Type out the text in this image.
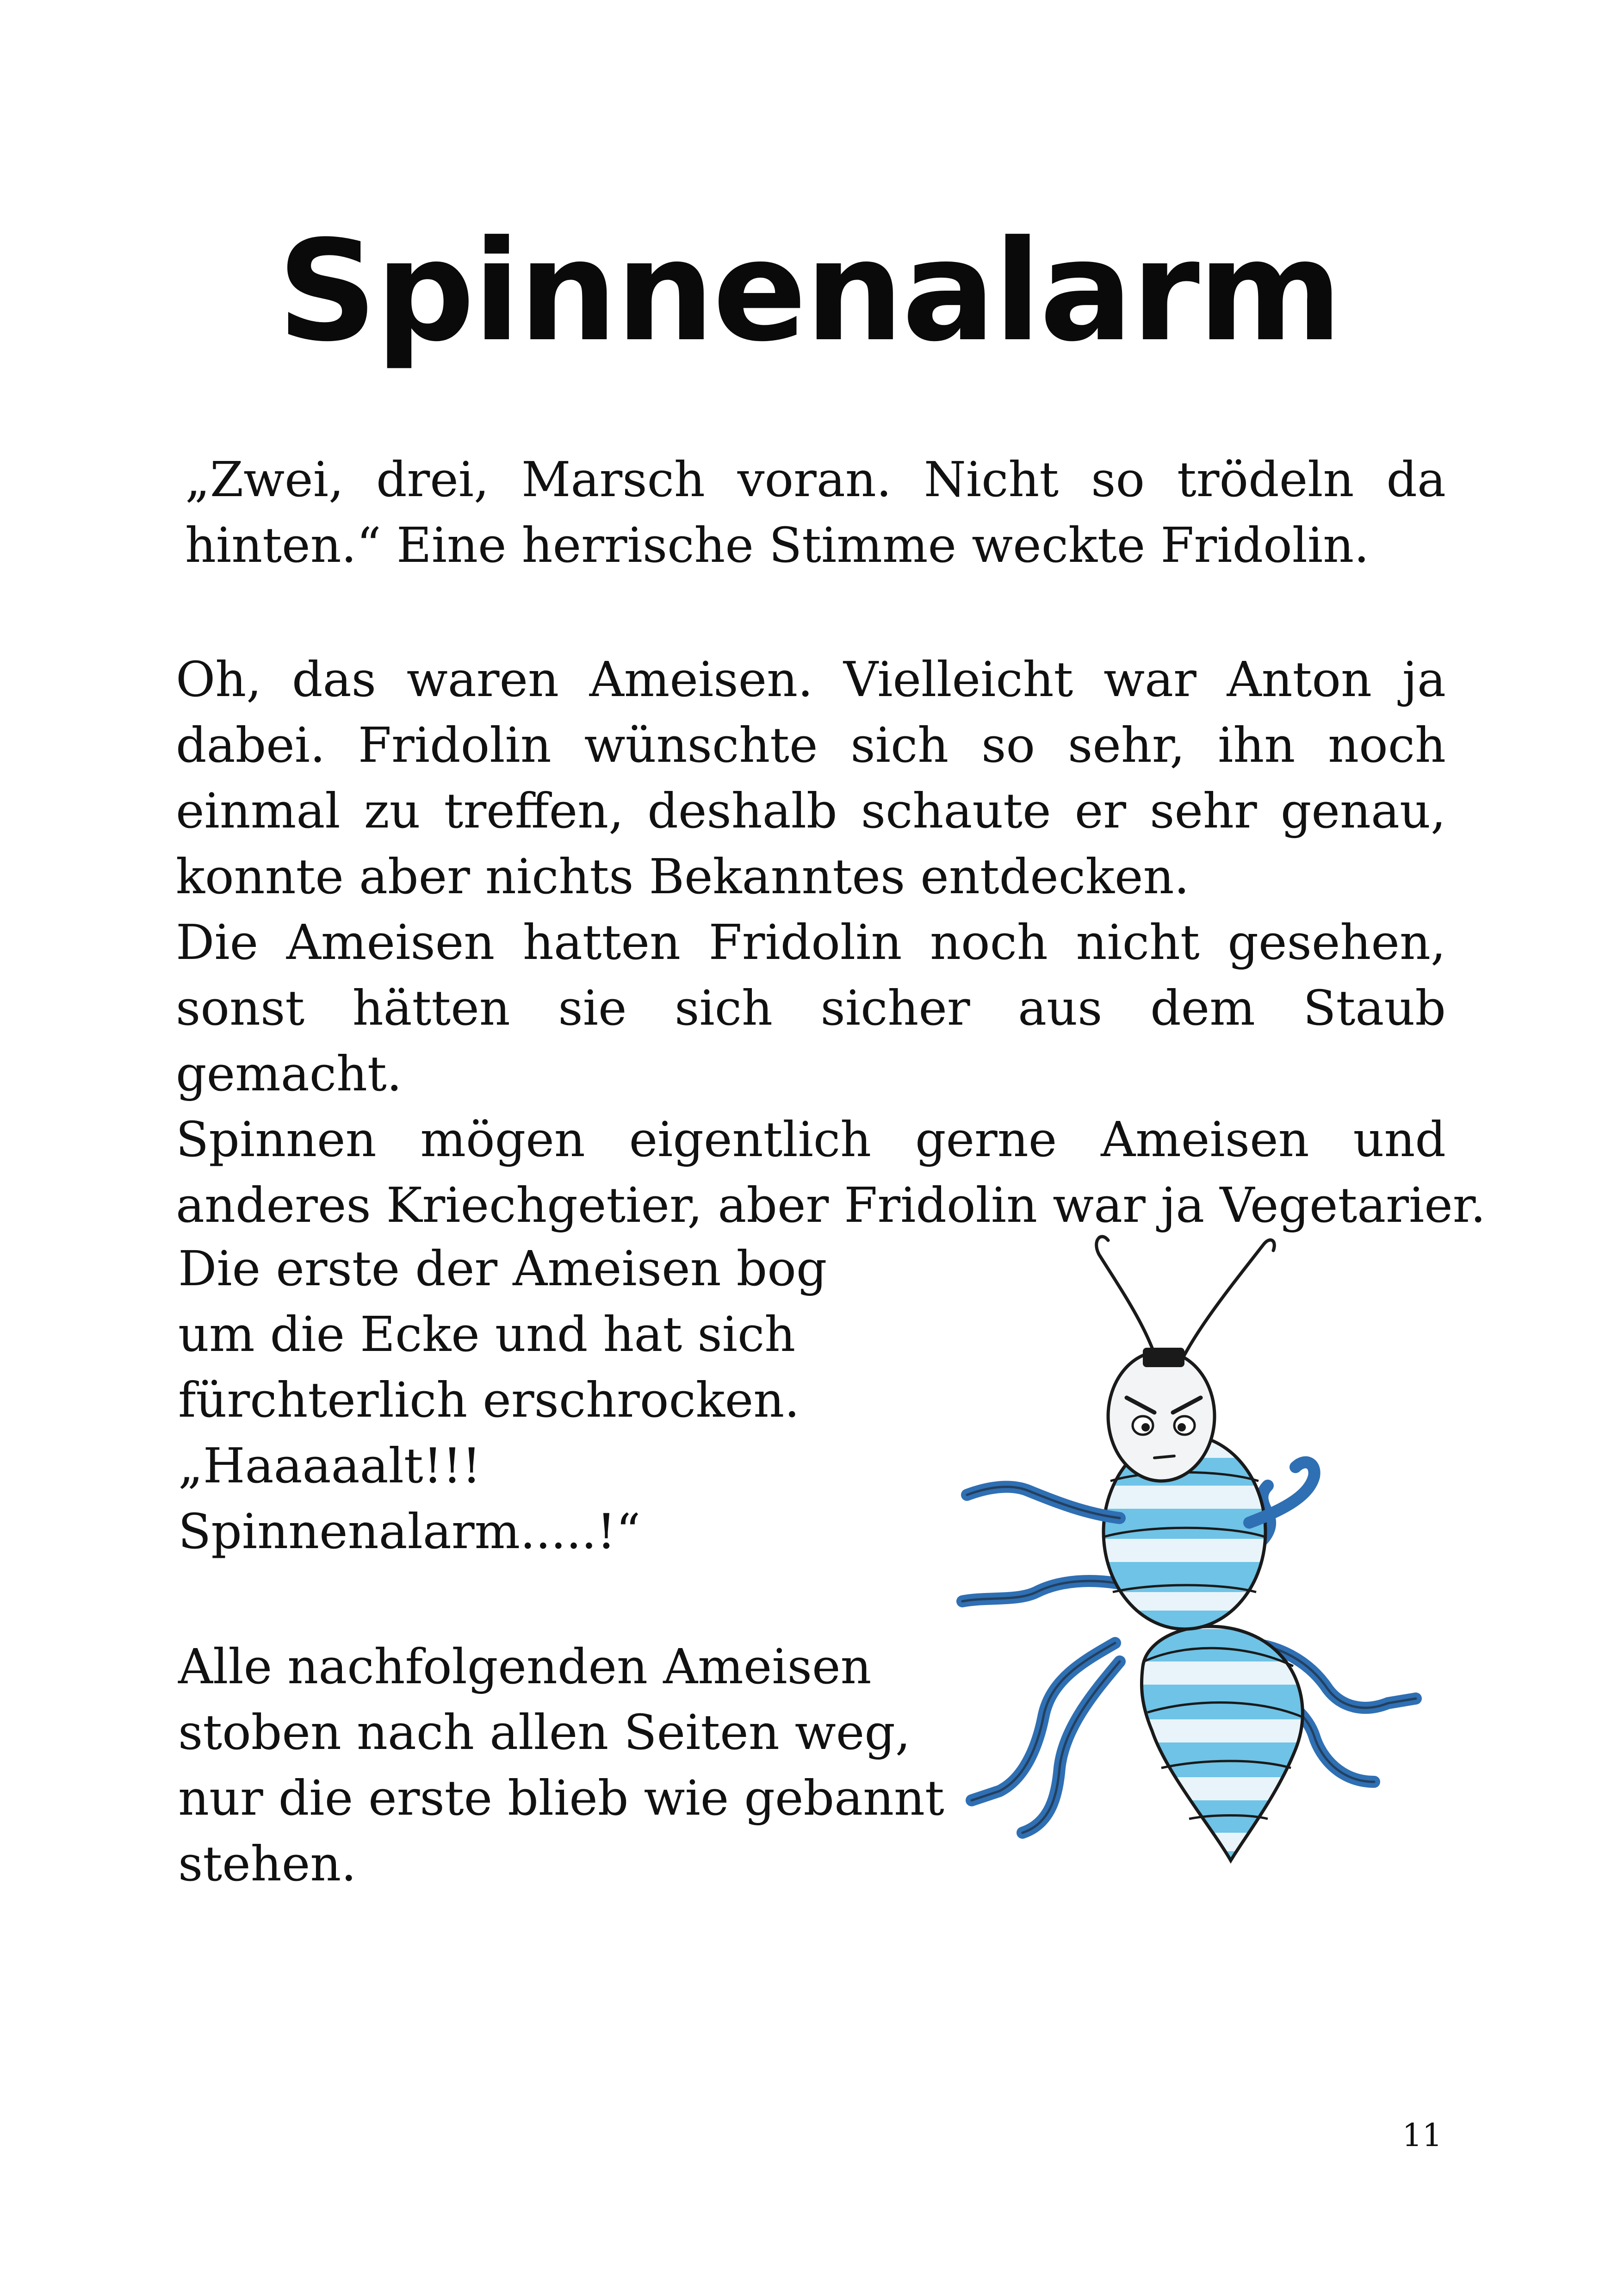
Spinnenalarm
„Zwei, drei, Marsch voran. Nicht so trödeln da
hinten.“ Eine herrische Stimme weckte Fridolin.
Oh, das waren Ameisen. Vielleicht war Anton ja
dabei. Fridolin wünschte sich so sehr, ihn noch
einmal zu treffen, deshalb schaute er sehr genau,
konnte aber nichts Bekanntes entdecken.
Die Ameisen hatten Fridolin noch nicht gesehen,
sonst hätten sie sich sicher aus dem Staub gemacht.
Spinnen mögen eigentlich gerne Ameisen und
anderes Kriechgetier, aber Fridolin war ja Vegetarier.
Die erste der Ameisen bog
um die Ecke und hat sich
fürchterlich erschrocken.
„Haaaaalt!!!
Spinnenalarm.....!“
Alle nachfolgenden Ameisen
stoben nach allen Seiten weg,
nur die erste blieb wie gebannt
stehen.
11
